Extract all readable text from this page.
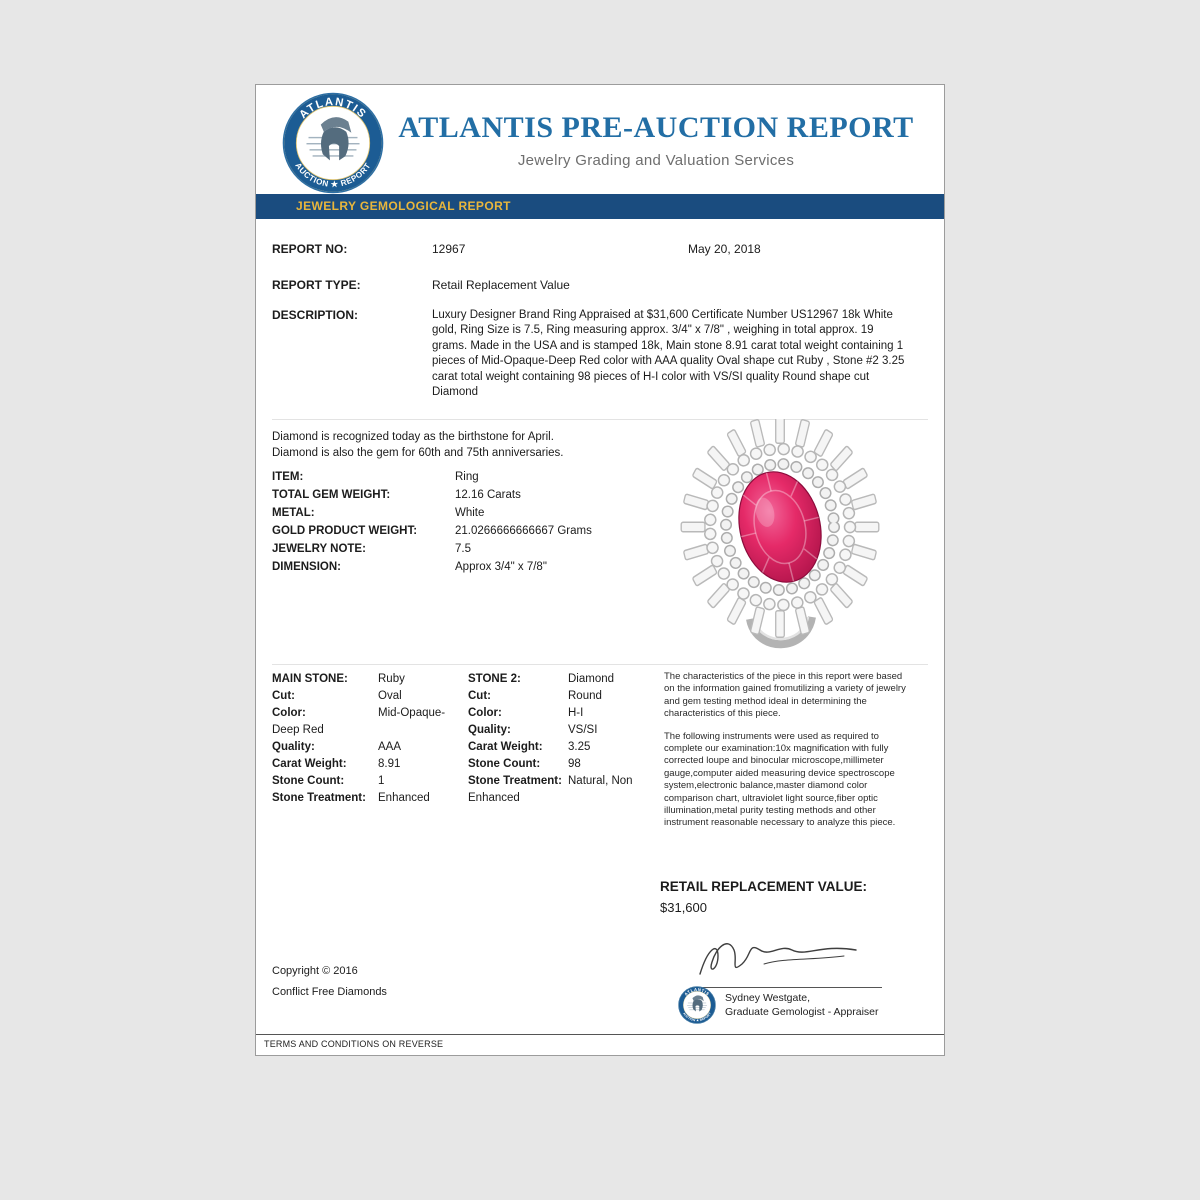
ATLANTIS PRE-AUCTION REPORT
Jewelry Grading and Valuation Services
JEWELRY GEMOLOGICAL REPORT
REPORT NO:	12967	May 20, 2018
REPORT TYPE:	Retail Replacement Value
DESCRIPTION:	Luxury Designer Brand Ring Appraised at $31,600 Certificate Number US12967 18k White gold, Ring Size is 7.5, Ring measuring approx. 3/4" x 7/8" , weighing in total approx. 19 grams. Made in the USA and is stamped 18k, Main stone 8.91 carat total weight containing 1 pieces of Mid-Opaque-Deep Red color with AAA quality Oval shape cut Ruby , Stone #2 3.25 carat total weight containing 98 pieces of H-I color with VS/SI quality Round shape cut Diamond
Diamond is recognized today as the birthstone for April.
Diamond is also the gem for 60th and 75th anniversaries.
ITEM:	Ring
TOTAL GEM WEIGHT:	12.16 Carats
METAL:	White
GOLD PRODUCT WEIGHT:	21.0266666666667 Grams
JEWELRY NOTE:	7.5
DIMENSION:	Approx 3/4" x 7/8"
MAIN STONE:	Ruby
Cut:	Oval
Color:	Mid-Opaque-Deep Red
Quality:	AAA
Carat Weight:	8.91
Stone Count:	1
Stone Treatment: Enhanced
STONE 2:	Diamond
Cut:	Round
Color:	H-I
Quality:	VS/SI
Carat Weight: 3.25
Stone Count: 98
Stone Treatment: Natural, Non Enhanced

The characteristics of the piece in this report were based on the information gained fromutilizing a variety of jewelry and gem testing method ideal in determining the characteristics of this piece.

The following instruments were used as required to complete our examination:10x magnification with fully corrected loupe and binocular microscope,millimeter gauge,computer aided measuring device spectroscope system,electronic balance,master diamond color comparison chart, ultraviolet light source,fiber optic illumination,metal purity testing methods and other instrument reasonable necessary to analyze this piece.

RETAIL REPLACEMENT VALUE:
$31,600
Copyright © 2016
Conflict Free Diamonds	Sydney Westgate,
Graduate Gemologist - Appraiser
TERMS AND CONDITIONS ON REVERSE
